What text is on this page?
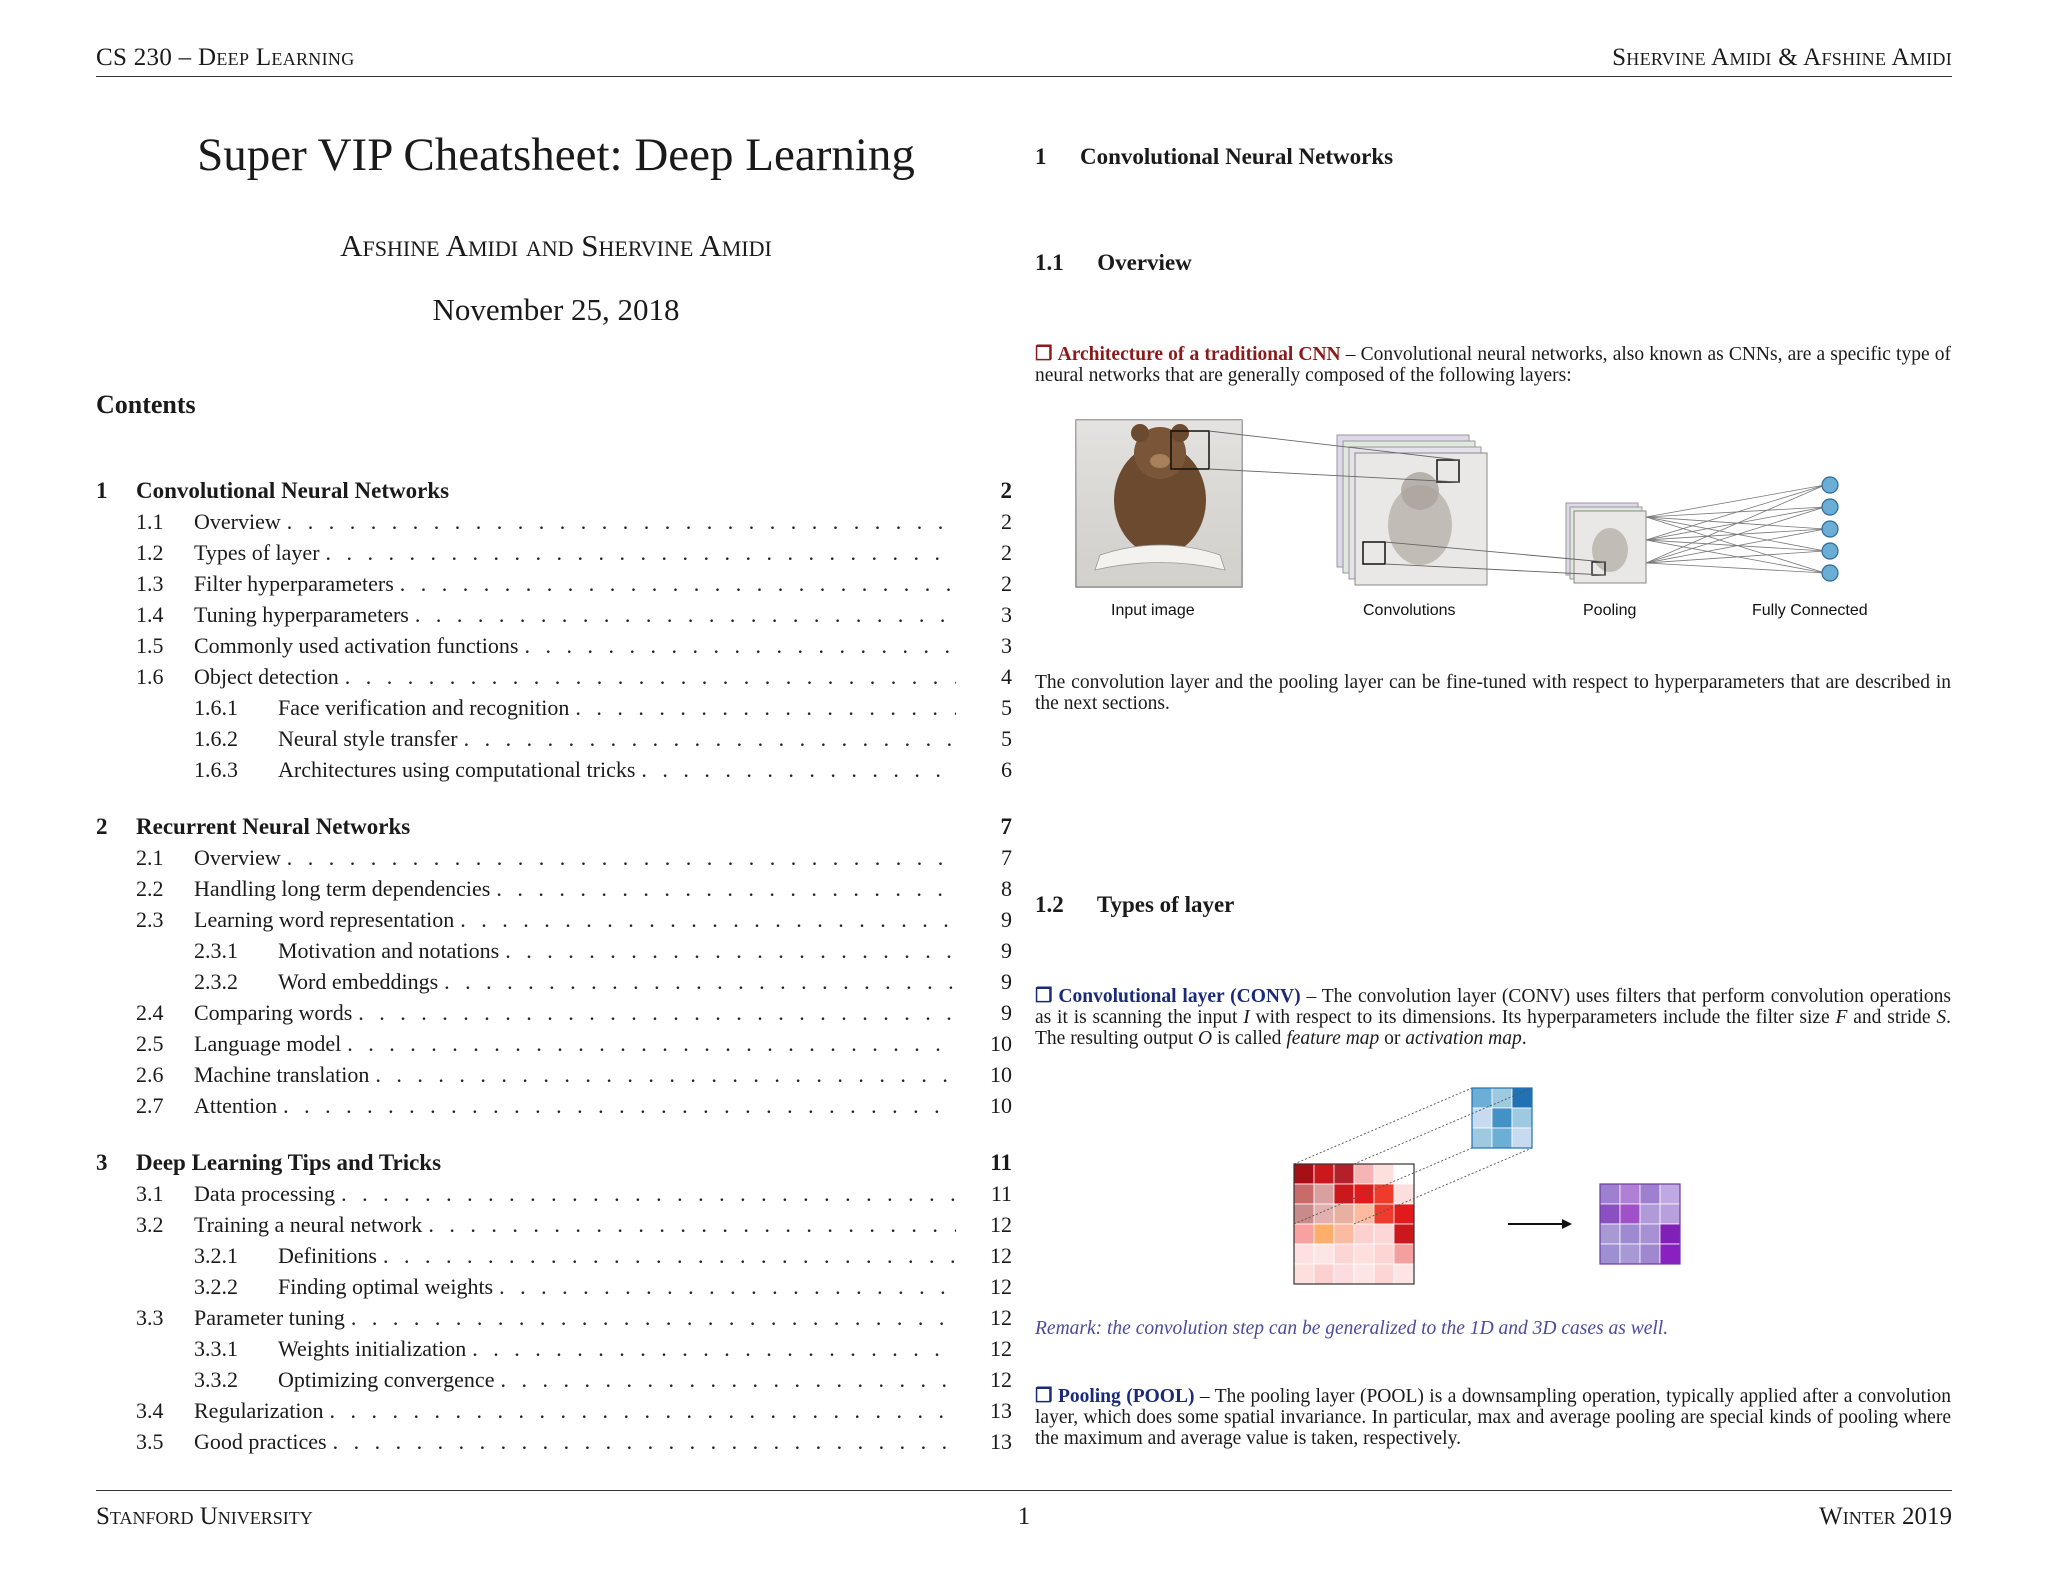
CS 230 – Deep Learning	Shervine Amidi & Afshine Amidi
Super VIP Cheatsheet: Deep Learning
Afshine Amidi and Shervine Amidi
November 25, 2018
Contents
1	Convolutional Neural Networks	2
1.1	Overview . . .	2
1.2	Types of layer . . .	2
1.3	Filter hyperparameters . . .	2
1.4	Tuning hyperparameters . . .	3
1.5	Commonly used activation functions . . .	3
1.6	Object detection . . .	4
1.6.1	Face verification and recognition . . .	5
1.6.2	Neural style transfer . . .	5
1.6.3	Architectures using computational tricks . . .	6
2	Recurrent Neural Networks	7
2.1	Overview . . .	7
2.2	Handling long term dependencies . . .	8
2.3	Learning word representation . . .	9
2.3.1	Motivation and notations . . .	9
2.3.2	Word embeddings . . .	9
2.4	Comparing words . . .	9
2.5	Language model . . .	10
2.6	Machine translation . . .	10
2.7	Attention . . .	10
3	Deep Learning Tips and Tricks	11
3.1	Data processing . . .	11
3.2	Training a neural network . . .	12
3.2.1	Definitions . . .	12
3.2.2	Finding optimal weights . . .	12
3.3	Parameter tuning . . .	12
3.3.1	Weights initialization . . .	12
3.3.2	Optimizing convergence . . .	12
3.4	Regularization . . .	13
3.5	Good practices . . .	13
1 Convolutional Neural Networks
1.1 Overview
❒ Architecture of a traditional CNN – Convolutional neural networks, also known as CNNs, are a specific type of neural networks that are generally composed of the following layers:
Input image	Convolutions	Pooling	Fully Connected
The convolution layer and the pooling layer can be fine-tuned with respect to hyperparameters that are described in the next sections.
1.2 Types of layer
❒ Convolutional layer (CONV) – The convolution layer (CONV) uses filters that perform convolution operations as it is scanning the input I with respect to its dimensions. Its hyperparameters include the filter size F and stride S. The resulting output O is called feature map or activation map.
Remark: the convolution step can be generalized to the 1D and 3D cases as well.
❒ Pooling (POOL) – The pooling layer (POOL) is a downsampling operation, typically applied after a convolution layer, which does some spatial invariance. In particular, max and average pooling are special kinds of pooling where the maximum and average value is taken, respectively.
Stanford University	1	Winter 2019
